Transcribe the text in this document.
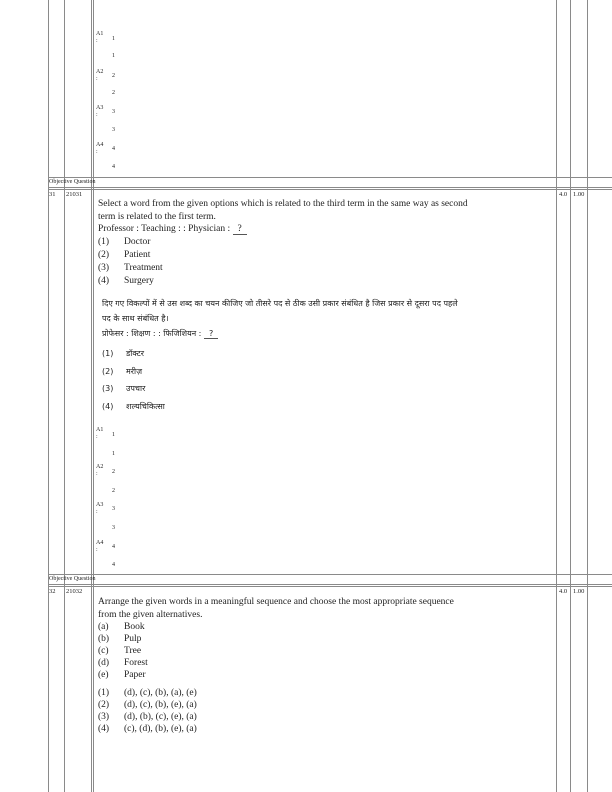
A1
:	1
1
A2
:	2
2
A3
:	3
3
A4
:	4
4
Objective Question
31 21031	4.0 1.00
Select a word from the given options which is related to the third term in the same way as second
term is related to the first term.
Professor : Teaching : : Physician : ?
(1) Doctor
(2) Patient
(3) Treatment
(4) Surgery
दिए गए विकल्पों में से उस शब्द का चयन कीजिए जो तीसरे पद से ठीक उसी प्रकार संबंधित है जिस प्रकार से दूसरा पद पहले
पद के साथ संबंधित है।
प्रोफेसर : शिक्षण : : फिजिशियन : ?
(1) डॉक्टर
(2) मरीज़
(3) उपचार
(4) शल्यचिकित्सा
A1
:	1
1
A2
:	2
2
A3
:	3
3
A4
:	4
4
Objective Question
32 21032	4.0 1.00
Arrange the given words in a meaningful sequence and choose the most appropriate sequence
from the given alternatives.
(a) Book
(b) Pulp
(c) Tree
(d) Forest
(e) Paper
(1) (d), (c), (b), (a), (e)
(2) (d), (c), (b), (e), (a)
(3) (d), (b), (c), (e), (a)
(4) (c), (d), (b), (e), (a)
